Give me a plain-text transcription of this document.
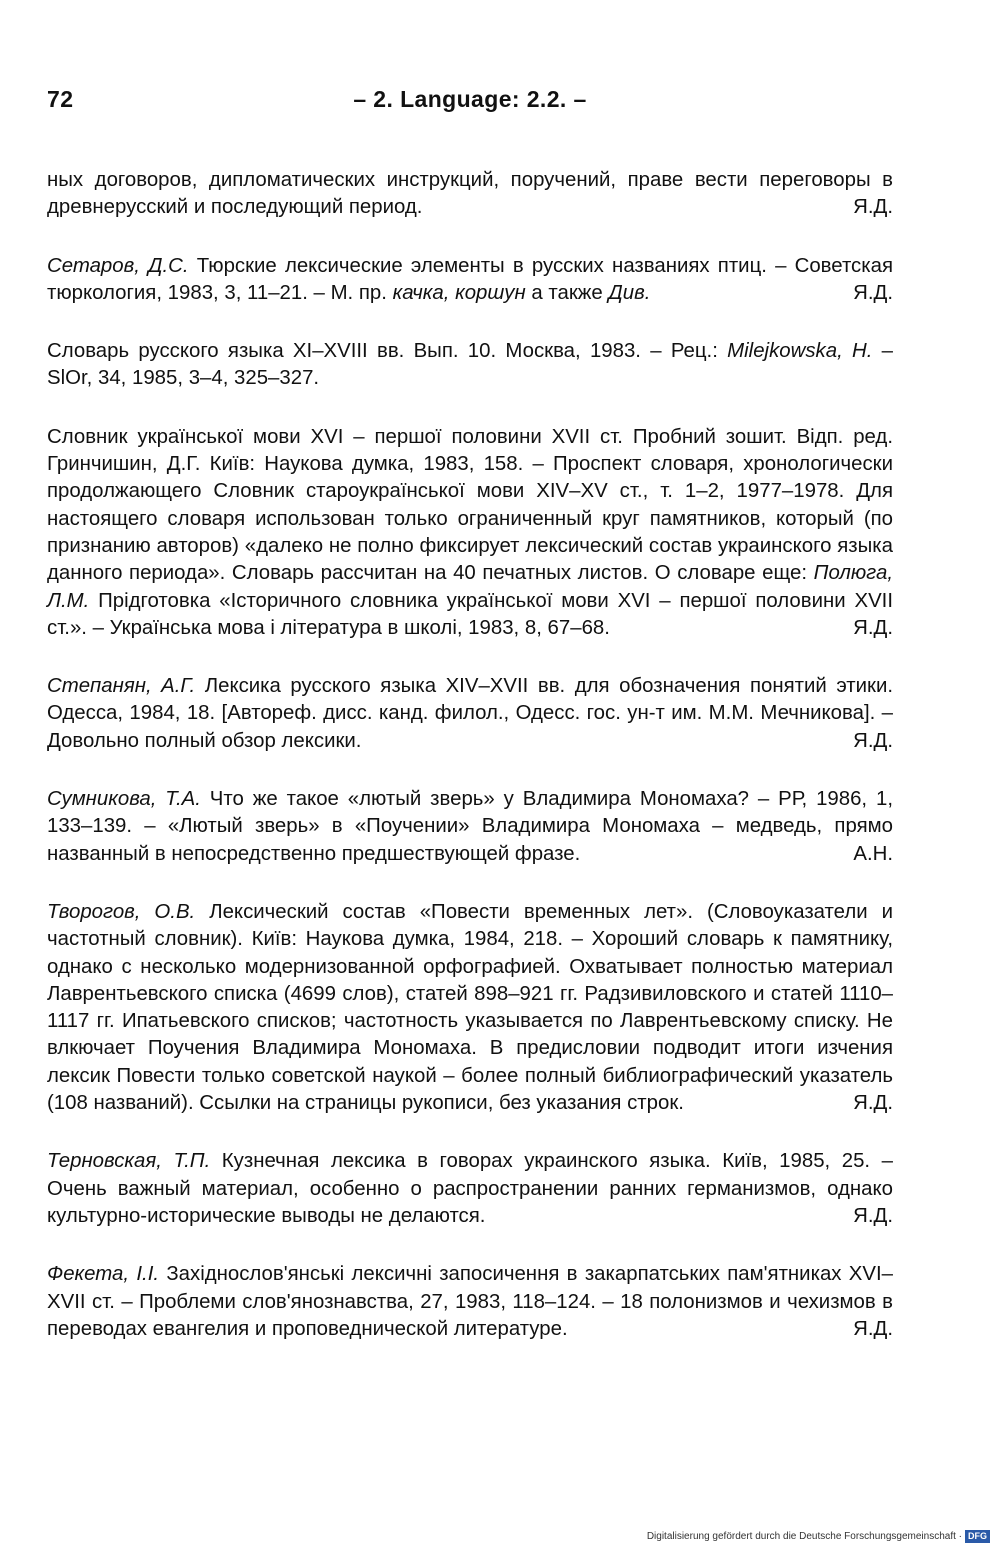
72	– 2. Language: 2.2. –

ных договоров, дипломатических инструкций, поручений, праве вести переговоры в древнерусский и последующий период.	Я.Д.

Сетаров, Д.С. Тюрские лексические элементы в русских названиях птиц. – Советская тюркология, 1983, 3, 11–21. – М. пр. качка, коршун а также Див.	Я.Д.

Словарь русского языка XI–XVIII вв. Вып. 10. Москва, 1983. – Рец.: Milejkowska, H. – SlOr, 34, 1985, 3–4, 325–327.

Словник української мови XVI – першої половини XVII ст. Пробний зошит. Відп. ред. Гринчишин, Д.Г. Київ: Наукова думка, 1983, 158. – Проспект словаря, хронологически продолжающего Словник староукраїнської мови XIV–XV ст., т. 1–2, 1977–1978. Для настоящего словаря использован только ограниченный круг памятников, который (по признанию авторов) «далеко не полно фиксирует лексический состав украинского языка данного периода». Словарь рассчитан на 40 печатных листов. О словаре еще: Полюга, Л.М. Прідготовка «Історичного словника української мови XVI – першої половини XVII ст.». – Українська мова і література в школі, 1983, 8, 67–68.	Я.Д.

Степанян, А.Г. Лексика русского языка XIV–XVII вв. для обозначения понятий этики. Одесса, 1984, 18. [Автореф. дисс. канд. филол., Одесс. гос. ун-т им. М.М. Мечникова]. – Довольно полный обзор лексики.	Я.Д.

Сумникова, Т.А. Что же такое «лютый зверь» у Владимира Мономаха? – РР, 1986, 1, 133–139. – «Лютый зверь» в «Поучении» Владимира Мономаха – медведь, прямо названный в непосредственно предшествующей фразе.	А.Н.

Творогов, О.В. Лексический состав «Повести временных лет». (Словоуказатели и частотный словник). Київ: Наукова думка, 1984, 218. – Хороший словарь к памятнику, однако с несколько модернизованной орфографией. Охватывает полностью материал Лаврентьевского списка (4699 слов), статей 898–921 гг. Радзивиловского и статей 1110–1117 гг. Ипатьевского списков; частотность указывается по Лаврентьевскому списку. Не влкючает Поучения Владимира Мономаха. В предисловии подводит итоги изчения лексик Повести только советской наукой – более полный библиографический указатель (108 названий). Ссылки на страницы рукописи, без указания строк.	Я.Д.

Терновская, Т.П. Кузнечная лексика в говорах украинского языка. Київ, 1985, 25. – Очень важный материал, особенно о распространении ранних германизмов, однако культурно-исторические выводы не делаются.	Я.Д.

Фекета, І.І. Західнослов'янські лексичні запосичення в закарпатських пам'ятниках XVI–XVII ст. – Проблеми слов'янознавства, 27, 1983, 118–124. – 18 полонизмов и чехизмов в переводах евангелия и проповеднической литературе.	Я.Д.

Digitalisierung gefördert durch die Deutsche Forschungsgemeinschaft · DFG
